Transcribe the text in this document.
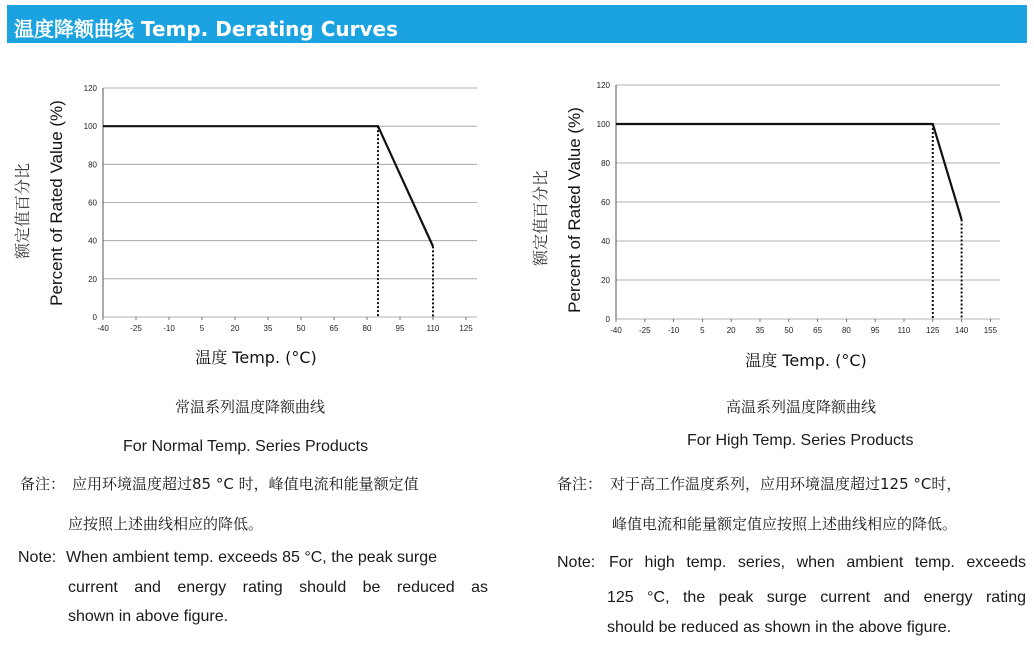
温度降额曲线 Temp. Derating Curves
0
20
40
60
80
100
120
-40	-25	-10	5	20	35	50	65	80	95	110 125
温度 Temp. (°C)
Percent of Rated Value (%)
额定值百分比
0
20
40
60
80
100
120
-40 -25 -10	5	20 35 50 65 80 95 110 125 140 155
温度 Temp. (°C)
Percent of Rated Value (%)
额定值百分比
常温系列温度降额曲线
For Normal Temp. Series Products
备注： 应用环境温度超过85 °C 时，峰值电流和能量额定值
应按照上述曲线相应的降低。
Note: When ambient temp. exceeds 85 °C, the peak surge
current and energy rating should be reduced as
shown in above figure.
高温系列温度降额曲线
For High Temp. Series Products
备注： 对于高工作温度系列，应用环境温度超过125 °C时，
峰值电流和能量额定值应按照上述曲线相应的降低。
Note: For high temp. series, when ambient temp. exceeds
125 °C, the peak surge current and energy rating
should be reduced as shown in the above figure.
